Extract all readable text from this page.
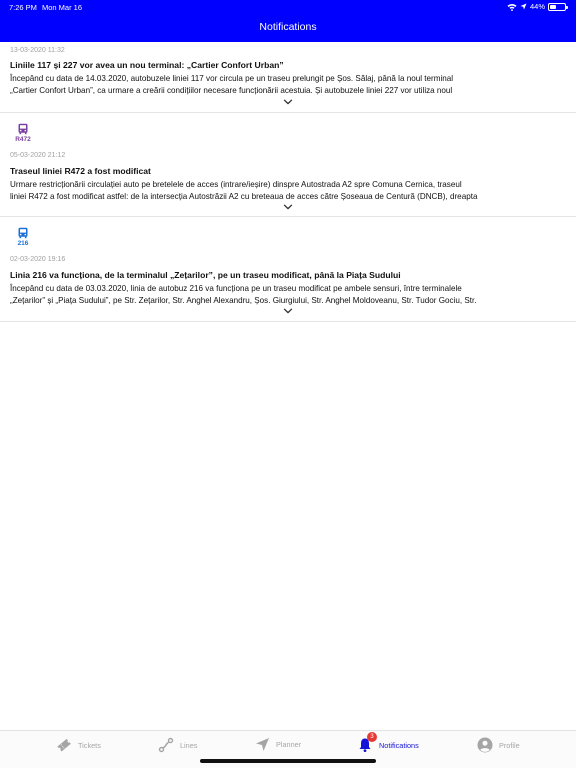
7:26 PM Mon Mar 16	44%
Notifications
13-03-2020 11:32
Liniile 117 și 227 vor avea un nou terminal: „Cartier Confort Urban”
Începând cu data de 14.03.2020, autobuzele liniei 117 vor circula pe un traseu prelungit pe Șos. Sălaj, până la noul terminal
„Cartier Confort Urban”, ca urmare a creării condițiilor necesare funcționării acestuia. Și autobuzele liniei 227 vor utiliza noul
R472
05-03-2020 21:12
Traseul liniei R472 a fost modificat
Urmare restricționării circulației auto pe bretelele de acces (intrare/ieșire) dinspre Autostrada A2 spre Comuna Cernica, traseul
liniei R472 a fost modificat astfel: de la intersecția Autostrăzii A2 cu breteaua de acces către Șoseaua de Centură (DNCB), dreapta
216
02-03-2020 19:16
Linia 216 va funcționa, de la terminalul „Zețarilor”, pe un traseu modificat, până la Piața Sudului
Începând cu data de 03.03.2020, linia de autobuz 216 va funcționa pe un traseu modificat pe ambele sensuri, între terminalele
„Zețarilor” și „Piața Sudului”, pe Str. Zețarilor, Str. Anghel Alexandru, Șos. Giurgiului, Str. Anghel Moldoveanu, Str. Tudor Gociu, Str.
Tickets	Lines	Planner
3
Notifications	Profile
